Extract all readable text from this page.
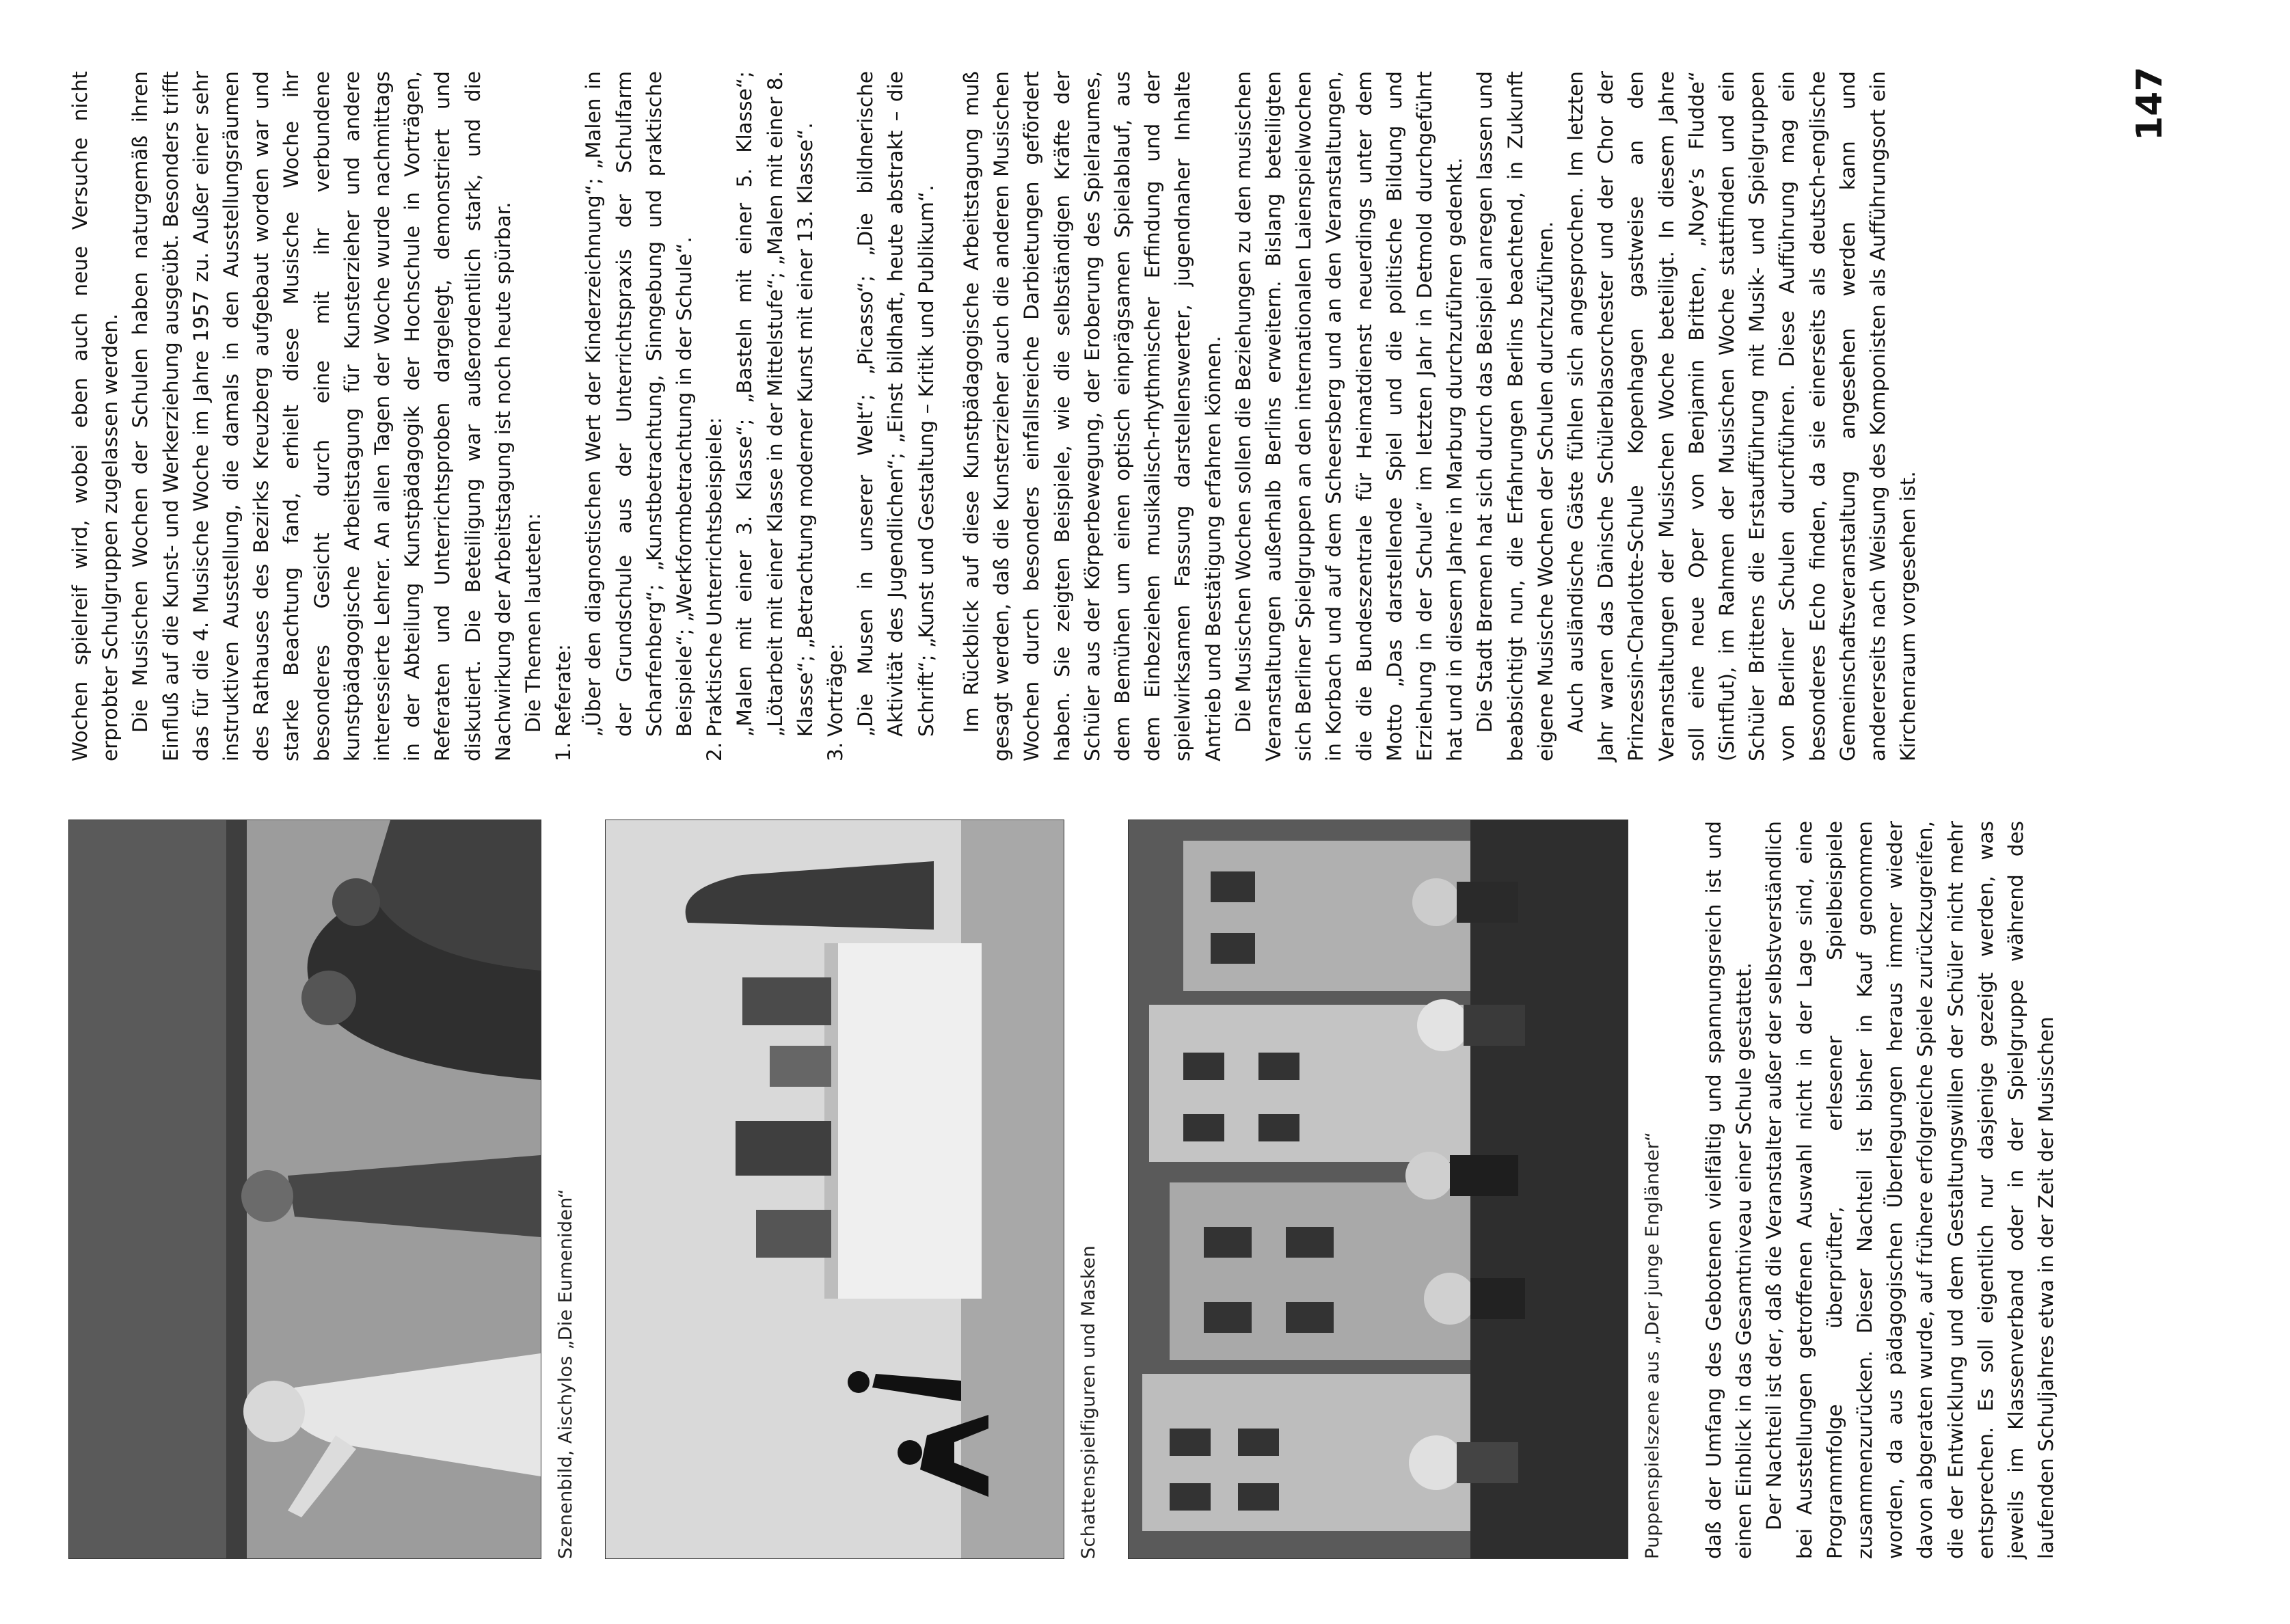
147
Szenenbild, Aischylos „Die Eumeniden“	Schattenspielfiguren und Masken	Puppenspielszene aus „Der junge Engländer“ daß der Umfang des Gebotenen vielfältig und spannungsreich ist und einen Einblick in das Gesamtniveau einer Schule gestattet. Der Nachteil ist der, daß die Veranstalter außer der selbstverständlich bei Ausstellungen getroffenen Auswahl nicht in der Lage sind, eine Programmfolge überprüfter, erlesener Spielbeispiele zusammenzurücken. Dieser Nachteil ist bisher in Kauf genommen worden, da aus pädagogischen Überlegungen heraus immer wieder davon abgeraten wurde, auf frühere erfolgreiche Spiele zurückzugreifen, die der Entwicklung und dem Gestaltungswillen der Schüler nicht mehr entsprechen. Es soll eigentlich nur dasjenige gezeigt werden, was jeweils im Klassenverband oder in der Spielgruppe während des laufenden Schuljahres etwa in der Zeit der Musischen

Wochen spielreif wird, wobei eben auch neue Versuche nicht erprobter Schulgruppen zugelassen werden. Die Musischen Wochen der Schulen haben naturgemäß ihren Einfluß auf die Kunst- und Werkerziehung ausgeübt. Besonders trifft das für die 4. Musische Woche im Jahre 1957 zu. Außer einer sehr instruktiven Ausstellung, die damals in den Ausstellungsräumen des Rathauses des Bezirks Kreuzberg aufgebaut worden war und starke Beachtung fand, erhielt diese Musische Woche ihr besonderes Gesicht durch eine mit ihr verbundene kunstpädagogische Arbeitstagung für Kunsterzieher und andere interessierte Lehrer. An allen Tagen der Woche wurde nachmittags in der Abteilung Kunstpädagogik der Hochschule in Vorträgen, Referaten und Unterrichtsproben dargelegt, demonstriert und diskutiert. Die Beteiligung war außerordentlich stark, und die Nachwirkung der Arbeitstagung ist noch heute spürbar. Die Themen lauteten:

1.Referate: „Über den diagnostischen Wert der Kinderzeichnung“; „Malen in der Grundschule aus der Unterrichtspraxis der Schulfarm Scharfenberg“; „Kunstbetrachtung, Sinngebung und praktische Beispiele“; „Werkformbetrachtung in der Schule“.
2.Praktische Unterrichtsbeispiele: „Malen mit einer 3. Klasse“; „Basteln mit einer 5. Klasse“; „Lötarbeit mit einer Klasse in der Mittelstufe“; „Malen mit einer 8. Klasse“; „Betrachtung moderner Kunst mit einer 13. Klasse“.
3.Vorträge: „Die Musen in unserer Welt“; „Picasso“; „Die bildnerische Aktivität des Jugendlichen“; „Einst bildhaft, heute abstrakt – die Schrift“; „Kunst und Gestaltung – Kritik und Publikum“. Im Rückblick auf diese Kunstpädagogische Arbeitstagung muß gesagt werden, daß die Kunsterzieher auch die anderen Musischen Wochen durch besonders einfallsreiche Darbietungen gefördert haben. Sie zeigten Beispiele, wie die selbständigen Kräfte der Schüler aus der Körperbewegung, der Eroberung des Spielraumes, dem Bemühen um einen optisch einprägsamen Spielablauf, aus dem Einbeziehen musikalisch-rhythmischer Erfindung und der spielwirksamen Fassung darstellenswerter, jugendnaher Inhalte Antrieb und Bestätigung erfahren können. Die Musischen Wochen sollen die Beziehungen zu den musischen Veranstaltungen außerhalb Berlins erweitern. Bislang beteiligten sich Berliner Spielgruppen an den internationalen Laienspielwochen in Korbach und auf dem Scheersberg und an den Veranstaltungen, die die Bundeszentrale für Heimatdienst neuerdings unter dem Motto „Das darstellende Spiel und die politische Bildung und Erziehung in der Schule“ im letzten Jahr in Detmold durchgeführt hat und in diesem Jahre in Marburg durchzuführen gedenkt. Die Stadt Bremen hat sich durch das Beispiel anregen lassen und beabsichtigt nun, die Erfahrungen Berlins beachtend, in Zukunft eigene Musische Wochen der Schulen durchzuführen. Auch ausländische Gäste fühlen sich angesprochen. Im letzten Jahr waren das Dänische Schülerblasorchester und der Chor der Prinzessin-Charlotte-Schule Kopenhagen gastweise an den Veranstaltungen der Musischen Woche beteiligt. In diesem Jahre soll eine neue Oper von Benjamin Britten, „Noye’s Fludde“ (Sintflut), im Rahmen der Musischen Woche stattfinden und ein Schüler Brittens die Erstaufführung mit Musik- und Spielgruppen von Berliner Schulen durchführen. Diese Aufführung mag ein besonderes Echo finden, da sie einerseits als deutsch-englische Gemeinschaftsveranstaltung angesehen werden kann und andererseits nach Weisung des Komponisten als Aufführungsort ein Kirchenraum vorgesehen ist.
